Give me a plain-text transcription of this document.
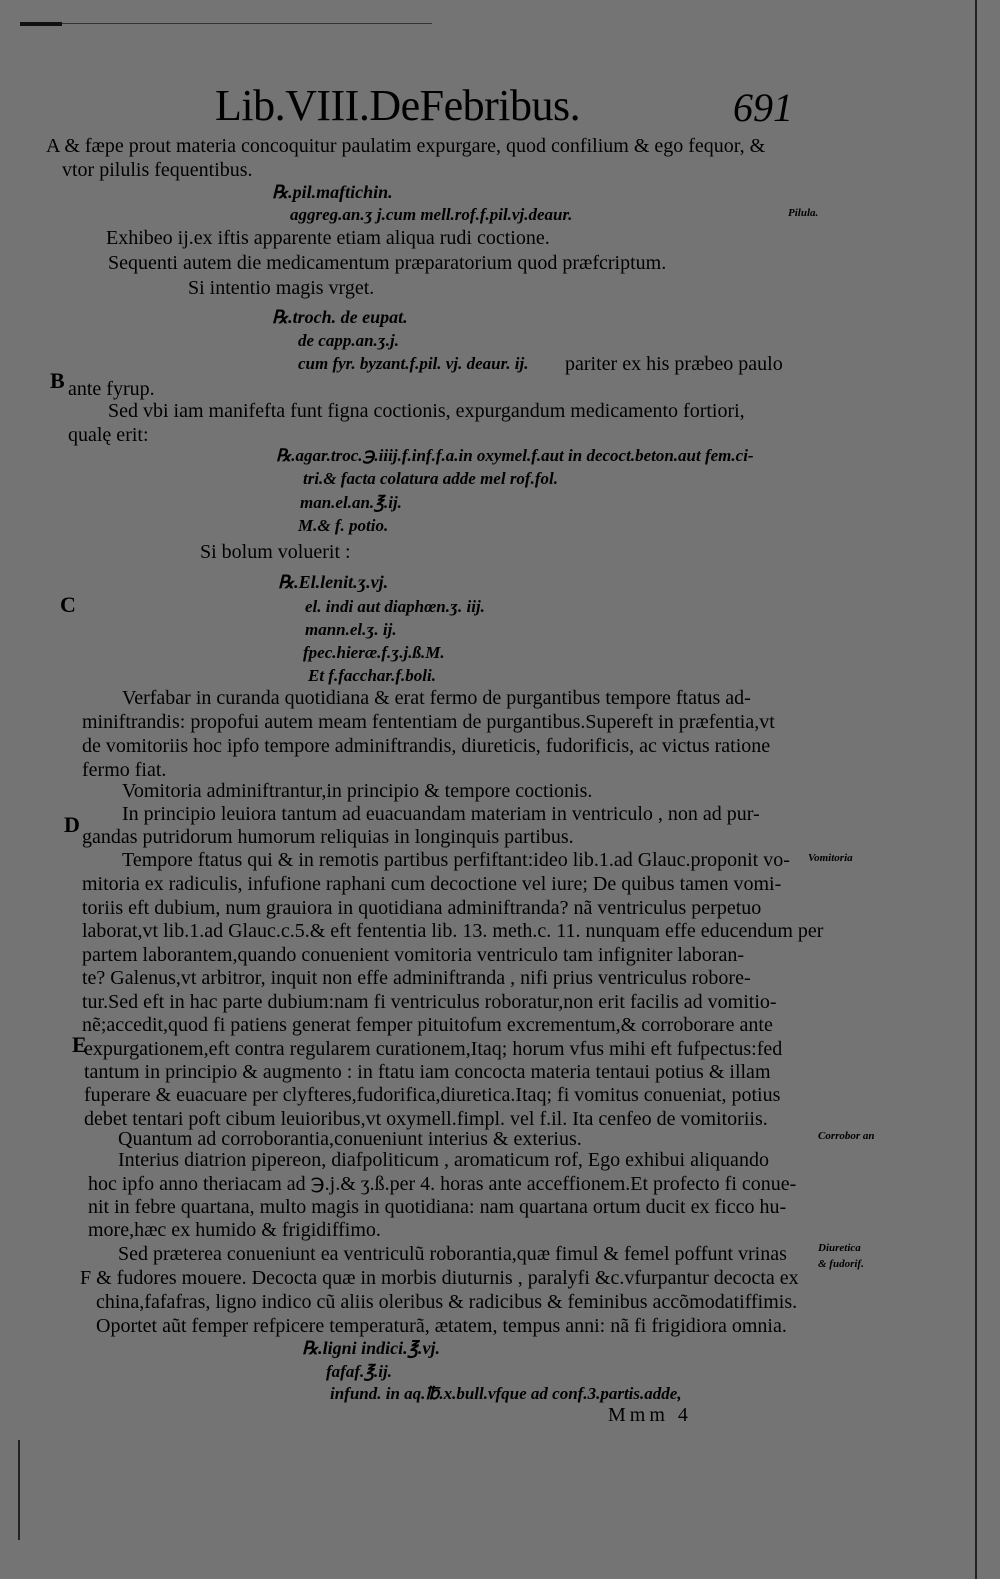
Lib.VIII.DeFebribus.	691
A & fæpe prout materia concoquitur paulatim expurgare, quod confilium & ego fequor, &
vtor pilulis fequentibus.
℞.pil.maftichin.
aggreg.an.ʒ j.cum mell.rof.f.pil.vj.deaur.	Pilula.
Exhibeo ij.ex iftis apparente etiam aliqua rudi coctione.
Sequenti autem die medicamentum præparatorium quod præfcriptum.
Si intentio magis vrget.
℞.troch. de eupat.
de capp.an.ʒ.j.
cum fyr. byzant.f.pil. vj. deaur. ij. pariter ex his præbeo paulo
B ante fyrup.
Sed vbi iam manifefta funt figna coctionis, expurgandum medicamento fortiori,
qualę erit:
℞.agar.troc.℈.iiij.f.inf.f.a.in oxymel.f.aut in decoct.beton.aut fem.ci-
tri.& facta colatura adde mel rof.fol.
man.el.an.℥.ij.
M.& f. potio.
Si bolum voluerit :
℞.El.lenit.ʒ.vj.
C	el. indi aut diaphœn.ʒ. iij.
mann.el.ʒ. ij.
fpec.hieræ.f.ʒ.j.ß.M.
Et f.facchar.f.boli.
Verfabar in curanda quotidiana & erat fermo de purgantibus tempore ftatus ad-
miniftrandis: propofui autem meam fententiam de purgantibus.Supereft in præfentia,vt
de vomitoriis hoc ipfo tempore adminiftrandis, diureticis, fudorificis, ac victus ratione
fermo fiat.
Vomitoria adminiftrantur,in principio & tempore coctionis.
In principio leuiora tantum ad euacuandam materiam in ventriculo , non ad pur-
D gandas putridorum humorum reliquias in longinquis partibus.
Tempore ftatus qui & in remotis partibus perfiftant:ideo lib.1.ad Glauc.proponit vo- Vomitoria
mitoria ex radiculis, infufione raphani cum decoctione vel iure; De quibus tamen vomi-
toriis eft dubium, num grauiora in quotidiana adminiftranda? nã ventriculus perpetuo
laborat,vt lib.1.ad Glauc.c.5.& eft fententia lib. 13. meth.c. 11. nunquam effe educendum per
partem laborantem,quando conuenient vomitoria ventriculo tam infigniter laboran-
te? Galenus,vt arbitror, inquit non effe adminiftranda , nifi prius ventriculus robore-
tur.Sed eft in hac parte dubium:nam fi ventriculus roboratur,non erit facilis ad vomitio-
nẽ;accedit,quod fi patiens generat femper pituitofum excrementum,& corroborare ante
E
expurgationem,eft contra regularem curationem,Itaq; horum vfus mihi eft fufpectus:fed
tantum in principio & augmento : in ftatu iam concocta materia tentaui potius & illam
fuperare & euacuare per clyfteres,fudorifica,diuretica.Itaq; fi vomitus conueniat, potius
debet tentari poft cibum leuioribus,vt oxymell.fimpl. vel f.il. Ita cenfeo de vomitoriis.
Quantum ad corroborantia,conueniunt interius & exterius.	Corrobor an
Interius diatrion pipereon, diafpoliticum , aromaticum rof, Ego exhibui aliquando
hoc ipfo anno theriacam ad ℈.j.& ʒ.ß.per 4. horas ante acceffionem.Et profecto fi conue-
nit in febre quartana, multo magis in quotidiana: nam quartana ortum ducit ex ficco hu-
more,hæc ex humido & frigidiffimo.
Sed præterea conueniunt ea ventriculũ roborantia,quæ fimul & femel poffunt vrinas	Diuretica
F & fudores mouere. Decocta quæ in morbis diuturnis , paralyfi &c.vfurpantur decocta ex
& fudorif.
china,fafafras, ligno indico cũ aliis oleribus & radicibus & feminibus accõmodatiffimis.
Oportet aũt femper refpicere temperaturã, ætatem, tempus anni: nã fi frigidiora omnia.
℞.ligni indici.℥.vj.
fafaf.℥.ij.
infund. in aq.℔.x.bull.vfque ad conf.3.partis.adde,
Mmm 4
